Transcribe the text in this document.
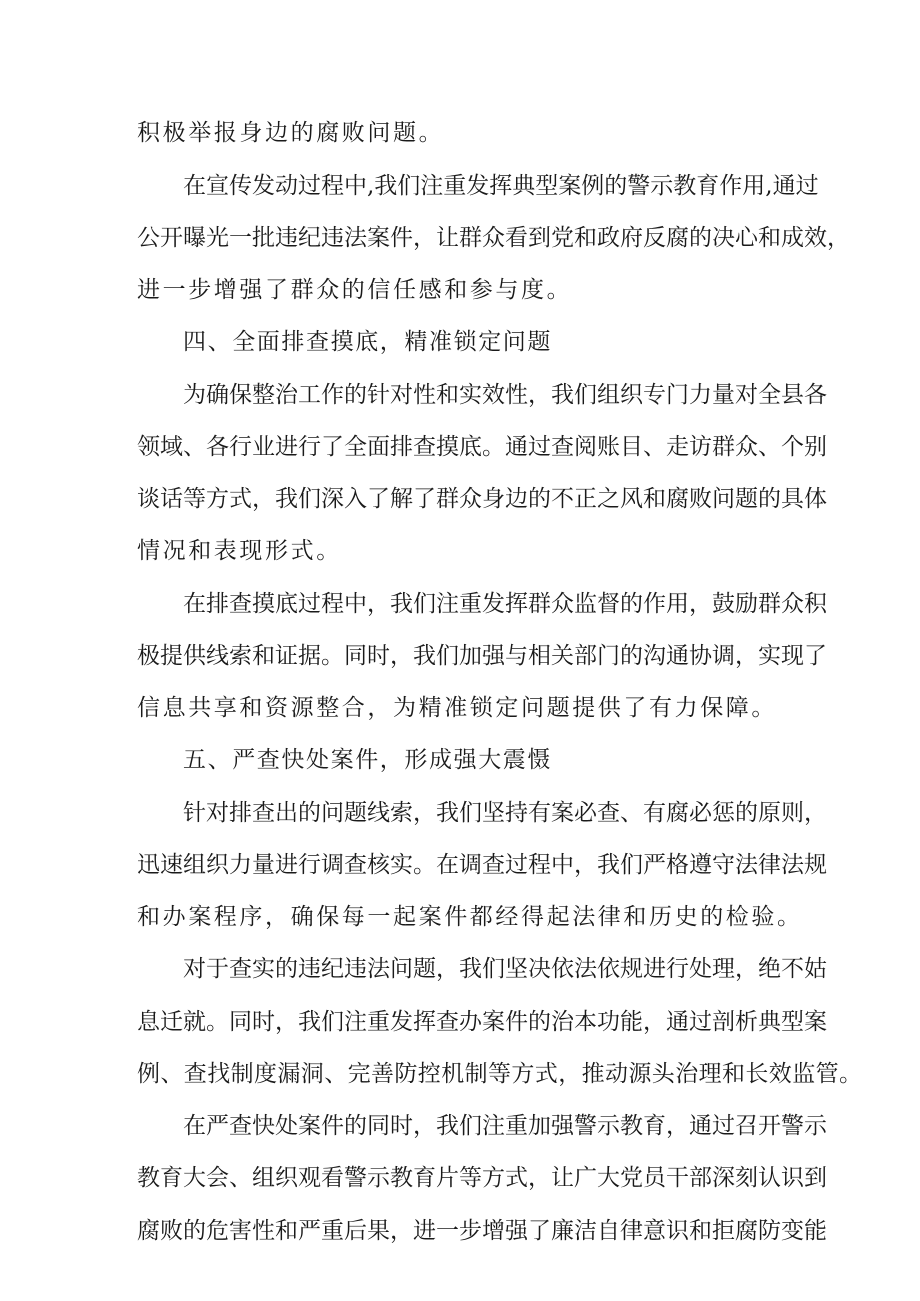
积极举报身边的腐败问题。
在宣传发动过程中,我们注重发挥典型案例的警示教育作用,通过
公开曝光一批违纪违法案件，让群众看到党和政府反腐的决心和成效，
进一步增强了群众的信任感和参与度。
四、全面排查摸底，精准锁定问题
为确保整治工作的针对性和实效性，我们组织专门力量对全县各
领域、各行业进行了全面排查摸底。通过查阅账目、走访群众、个别
谈话等方式，我们深入了解了群众身边的不正之风和腐败问题的具体
情况和表现形式。
在排查摸底过程中，我们注重发挥群众监督的作用，鼓励群众积
极提供线索和证据。同时，我们加强与相关部门的沟通协调，实现了
信息共享和资源整合，为精准锁定问题提供了有力保障。
五、严查快处案件，形成强大震慑
针对排查出的问题线索，我们坚持有案必查、有腐必惩的原则，
迅速组织力量进行调查核实。在调查过程中，我们严格遵守法律法规
和办案程序，确保每一起案件都经得起法律和历史的检验。
对于查实的违纪违法问题，我们坚决依法依规进行处理，绝不姑
息迁就。同时，我们注重发挥查办案件的治本功能，通过剖析典型案
例、查找制度漏洞、完善防控机制等方式，推动源头治理和长效监管。
在严查快处案件的同时，我们注重加强警示教育，通过召开警示
教育大会、组织观看警示教育片等方式，让广大党员干部深刻认识到
腐败的危害性和严重后果，进一步增强了廉洁自律意识和拒腐防变能
